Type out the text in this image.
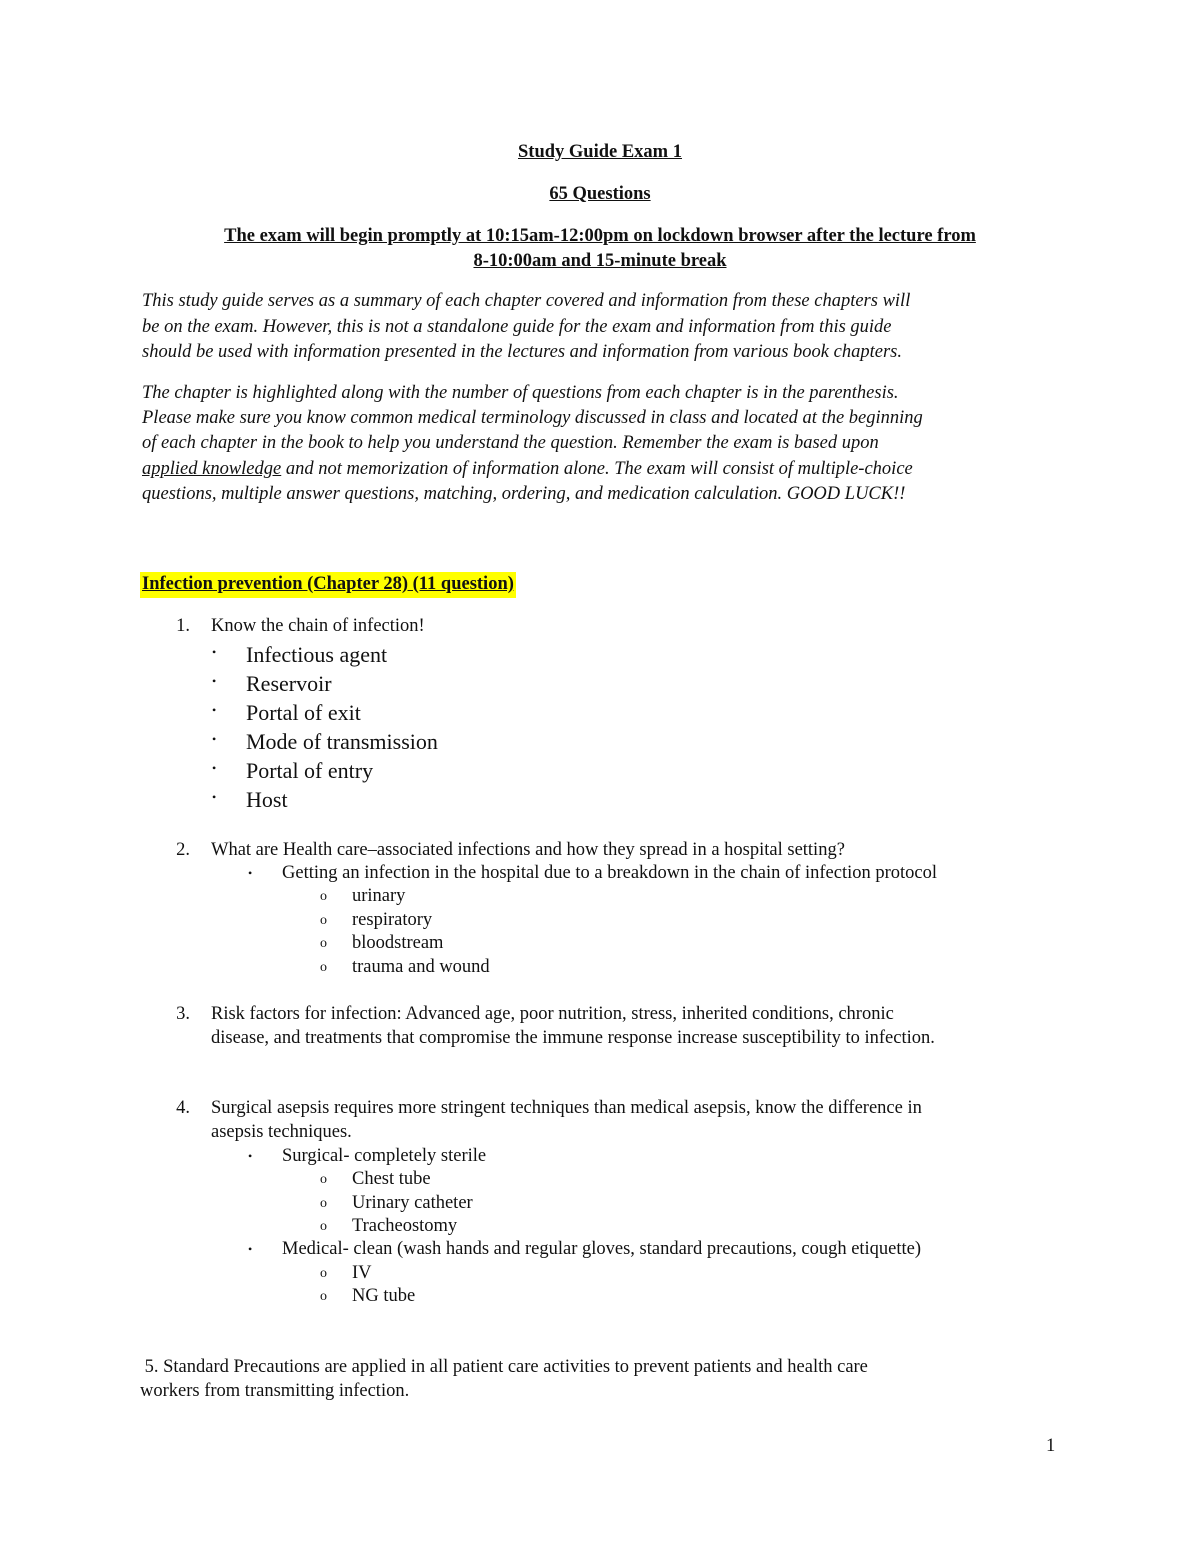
Study Guide Exam 1
65 Questions
The exam will begin promptly at 10:15am-12:00pm on lockdown browser after the lecture from
8-10:00am and 15-minute break
This study guide serves as a summary of each chapter covered and information from these chapters will
be on the exam. However, this is not a standalone guide for the exam and information from this guide
should be used with information presented in the lectures and information from various book chapters.
The chapter is highlighted along with the number of questions from each chapter is in the parenthesis.
Please make sure you know common medical terminology discussed in class and located at the beginning
of each chapter in the book to help you understand the question. Remember the exam is based upon
applied knowledge and not memorization of information alone. The exam will consist of multiple-choice
questions, multiple answer questions, matching, ordering, and medication calculation. GOOD LUCK!!
Infection prevention (Chapter 28) (11 question)
1. Know the chain of infection!
• Infectious agent
• Reservoir
• Portal of exit
• Mode of transmission
• Portal of entry
• Host
2. What are Health care–associated infections and how they spread in a hospital setting?
• Getting an infection in the hospital due to a breakdown in the chain of infection protocol
o urinary
o respiratory
o bloodstream
o trauma and wound
3. Risk factors for infection: Advanced age, poor nutrition, stress, inherited conditions, chronic
disease, and treatments that compromise the immune response increase susceptibility to infection.
4. Surgical asepsis requires more stringent techniques than medical asepsis, know the difference in
asepsis techniques.
• Surgical- completely sterile
o Chest tube
o Urinary catheter
o Tracheostomy
• Medical- clean (wash hands and regular gloves, standard precautions, cough etiquette)
o IV
o NG tube
5. Standard Precautions are applied in all patient care activities to prevent patients and health care
workers from transmitting infection.
1
